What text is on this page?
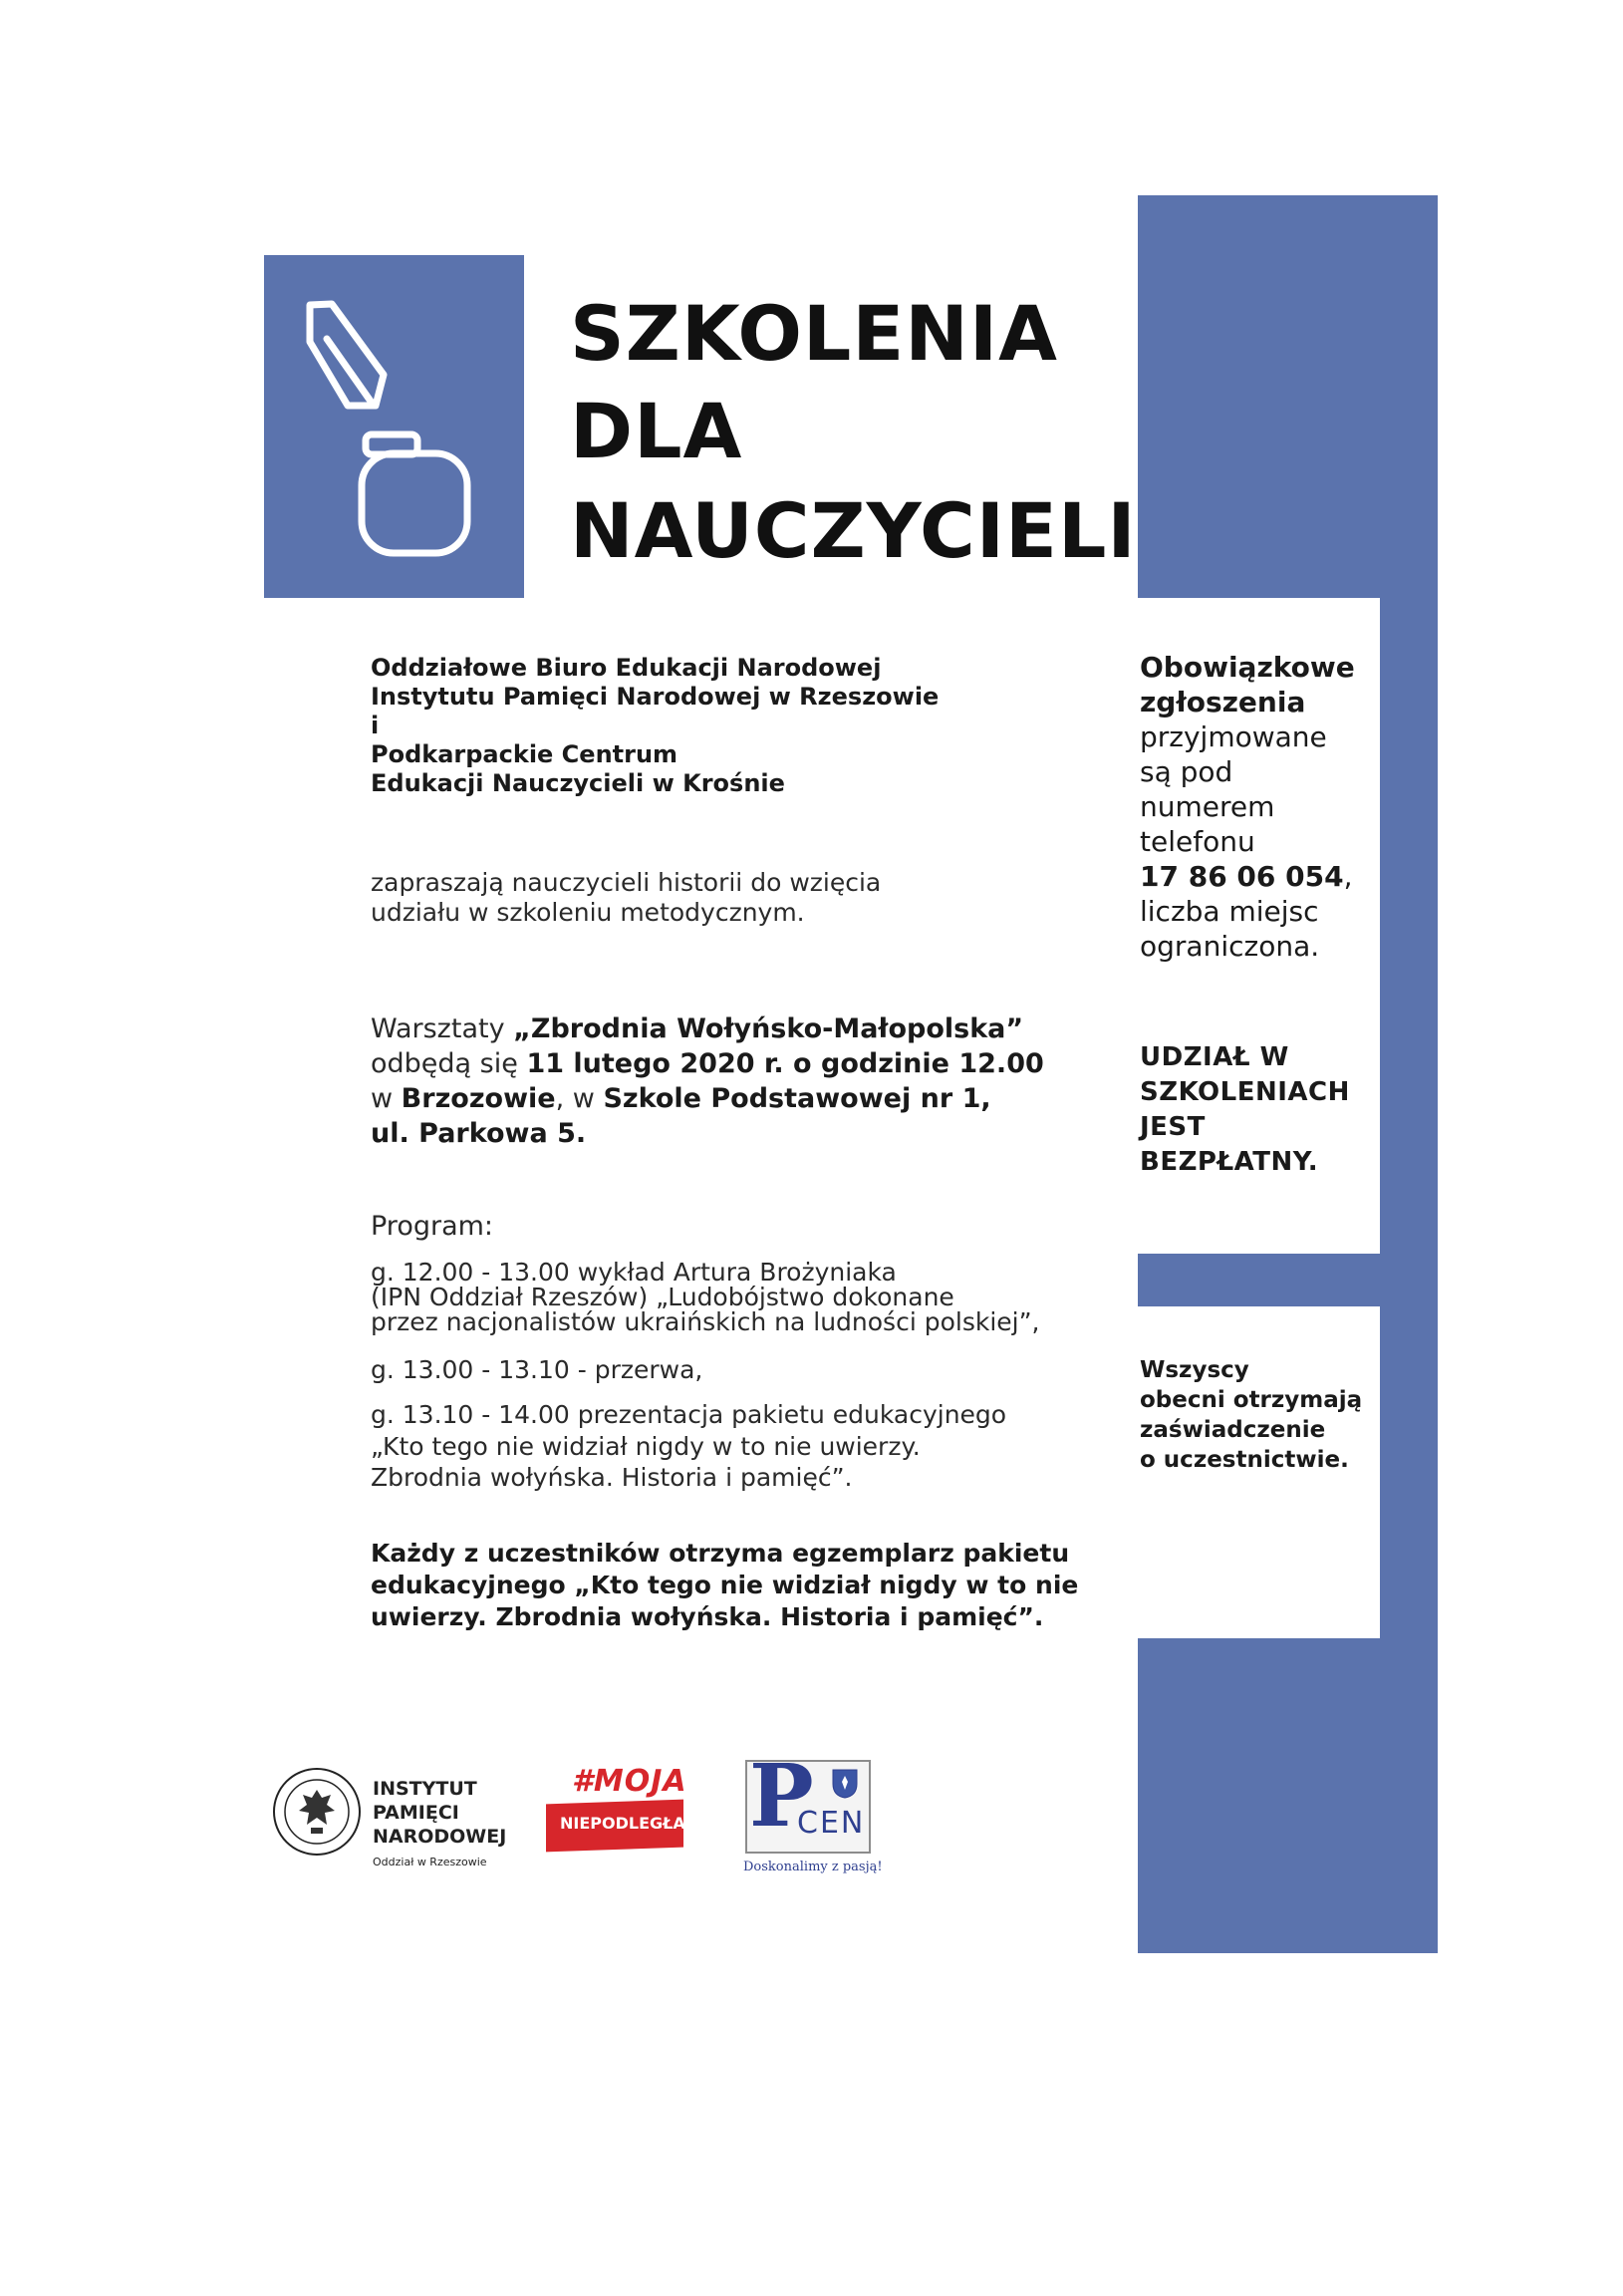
SZKOLENIA
DLA
NAUCZYCIELI
Oddziałowe Biuro Edukacji Narodowej
Instytutu Pamięci Narodowej w Rzeszowie
i
Podkarpackie Centrum
Edukacji Nauczycieli w Krośnie
zapraszają nauczycieli historii do wzięcia
udziału w szkoleniu metodycznym.
Warsztaty „Zbrodnia Wołyńsko-Małopolska”
odbędą się 11 lutego 2020 r. o godzinie 12.00
w Brzozowie, w Szkole Podstawowej nr 1,
ul. Parkowa 5.
Program:
g. 12.00 - 13.00 wykład Artura Brożyniaka
(IPN Oddział Rzeszów) „Ludobójstwo dokonane
przez nacjonalistów ukraińskich na ludności polskiej”,
g. 13.00 - 13.10 - przerwa,
g. 13.10 - 14.00 prezentacja pakietu edukacyjnego
„Kto tego nie widział nigdy w to nie uwierzy.
Zbrodnia wołyńska. Historia i pamięć”.
Każdy z uczestników otrzyma egzemplarz pakietu
edukacyjnego „Kto tego nie widział nigdy w to nie
uwierzy. Zbrodnia wołyńska. Historia i pamięć”.
Obowiązkowe
zgłoszenia
przyjmowane
są pod
numerem
telefonu
17 86 06 054,
liczba miejsc
ograniczona.
UDZIAŁ W
SZKOLENIACH
JEST
BEZPŁATNY.
Wszyscy
obecni otrzymają
zaświadczenie
o uczestnictwie.
INSTYTUT
PAMIĘCI
NARODOWEJ
Oddział w Rzeszowie
#MOJA
NIEPODLEGŁA. P
CEN
Doskonalimy z pasją!
